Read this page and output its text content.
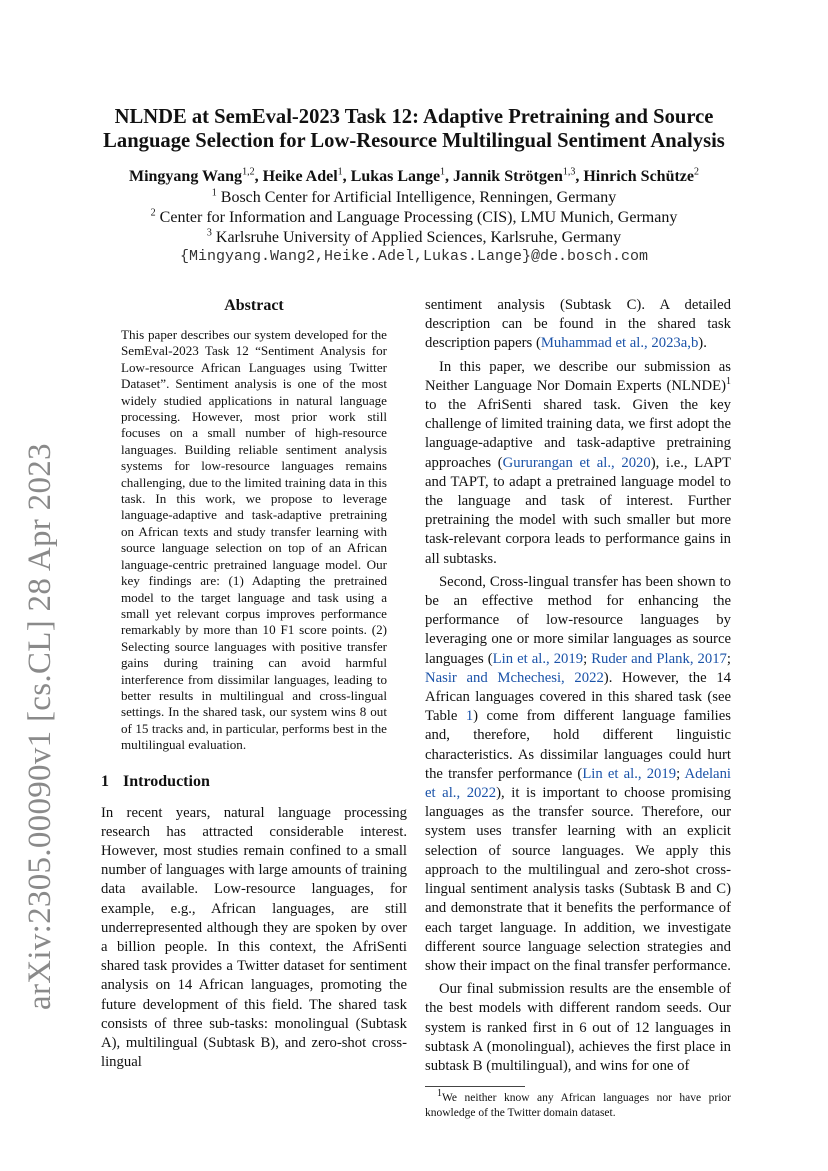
arXiv:2305.00090v1 [cs.CL] 28 Apr 2023
NLNDE at SemEval-2023 Task 12: Adaptive Pretraining and Source
Language Selection for Low-Resource Multilingual Sentiment Analysis
Mingyang Wang$^{1,2}$, Heike Adel$^1$, Lukas Lange$^1$, Jannik Strötgen$^{1,3}$, Hinrich Schütze$^2$
$^1$ Bosch Center for Artificial Intelligence, Renningen, Germany
$^2$ Center for Information and Language Processing (CIS), LMU Munich, Germany
$^3$ Karlsruhe University of Applied Sciences, Karlsruhe, Germany
{Mingyang.Wang2,Heike.Adel,Lukas.Lange}@de.bosch.com
Abstract
This paper describes our system developed for the SemEval-2023 Task 12 “Sentiment Analysis for Low-resource African Languages using Twitter Dataset”. Sentiment analysis is one of the most widely studied applications in natural language processing. However, most prior work still focuses on a small number of high-resource languages. Building reliable sentiment analysis systems for low-resource languages remains challenging, due to the limited training data in this task. In this work, we propose to leverage language-adaptive and task-adaptive pretraining on African texts and study transfer learning with source language selection on top of an African language-centric pretrained language model. Our key findings are: (1) Adapting the pretrained model to the target language and task using a small yet relevant corpus improves performance remarkably by more than 10 F1 score points. (2) Selecting source languages with positive transfer gains during training can avoid harmful interference from dissimilar languages, leading to better results in multilingual and cross-lingual settings. In the shared task, our system wins 8 out of 15 tracks and, in particular, performs best in the multilingual evaluation.
1 Introduction

In recent years, natural language processing research has attracted considerable interest. However, most studies remain confined to a small number of languages with large amounts of training data available. Low-resource languages, for example, e.g., African languages, are still underrepresented although they are spoken by over a billion people. In this context, the AfriSenti shared task provides a Twitter dataset for sentiment analysis on 14 African languages, promoting the future development of this field. The shared task consists of three sub-tasks: monolingual (Subtask A), multilingual (Subtask B), and zero-shot cross-lingual

sentiment analysis (Subtask C). A detailed description can be found in the shared task description papers (Muhammad et al., 2023a,b).

In this paper, we describe our submission as Neither Language Nor Domain Experts (NLNDE)$^1$ to the AfriSenti shared task. Given the key challenge of limited training data, we first adopt the language-adaptive and task-adaptive pretraining approaches (Gururangan et al., 2020), i.e., LAPT and TAPT, to adapt a pretrained language model to the language and task of interest. Further pretraining the model with such smaller but more task-relevant corpora leads to performance gains in all subtasks.

Second, Cross-lingual transfer has been shown to be an effective method for enhancing the performance of low-resource languages by leveraging one or more similar languages as source languages (Lin et al., 2019; Ruder and Plank, 2017; Nasir and Mchechesi, 2022). However, the 14 African languages covered in this shared task (see Table 1) come from different language families and, therefore, hold different linguistic characteristics. As dissimilar languages could hurt the transfer performance (Lin et al., 2019; Adelani et al., 2022), it is important to choose promising languages as the transfer source. Therefore, our system uses transfer learning with an explicit selection of source languages. We apply this approach to the multilingual and zero-shot cross-lingual sentiment analysis tasks (Subtask B and C) and demonstrate that it benefits the performance of each target language. In addition, we investigate different source language selection strategies and show their impact on the final transfer performance.

Our final submission results are the ensemble of the best models with different random seeds. Our system is ranked first in 6 out of 12 languages in subtask A (monolingual), achieves the first place in subtask B (multilingual), and wins for one of

$^1$We neither know any African languages nor have prior knowledge of the Twitter domain dataset.
